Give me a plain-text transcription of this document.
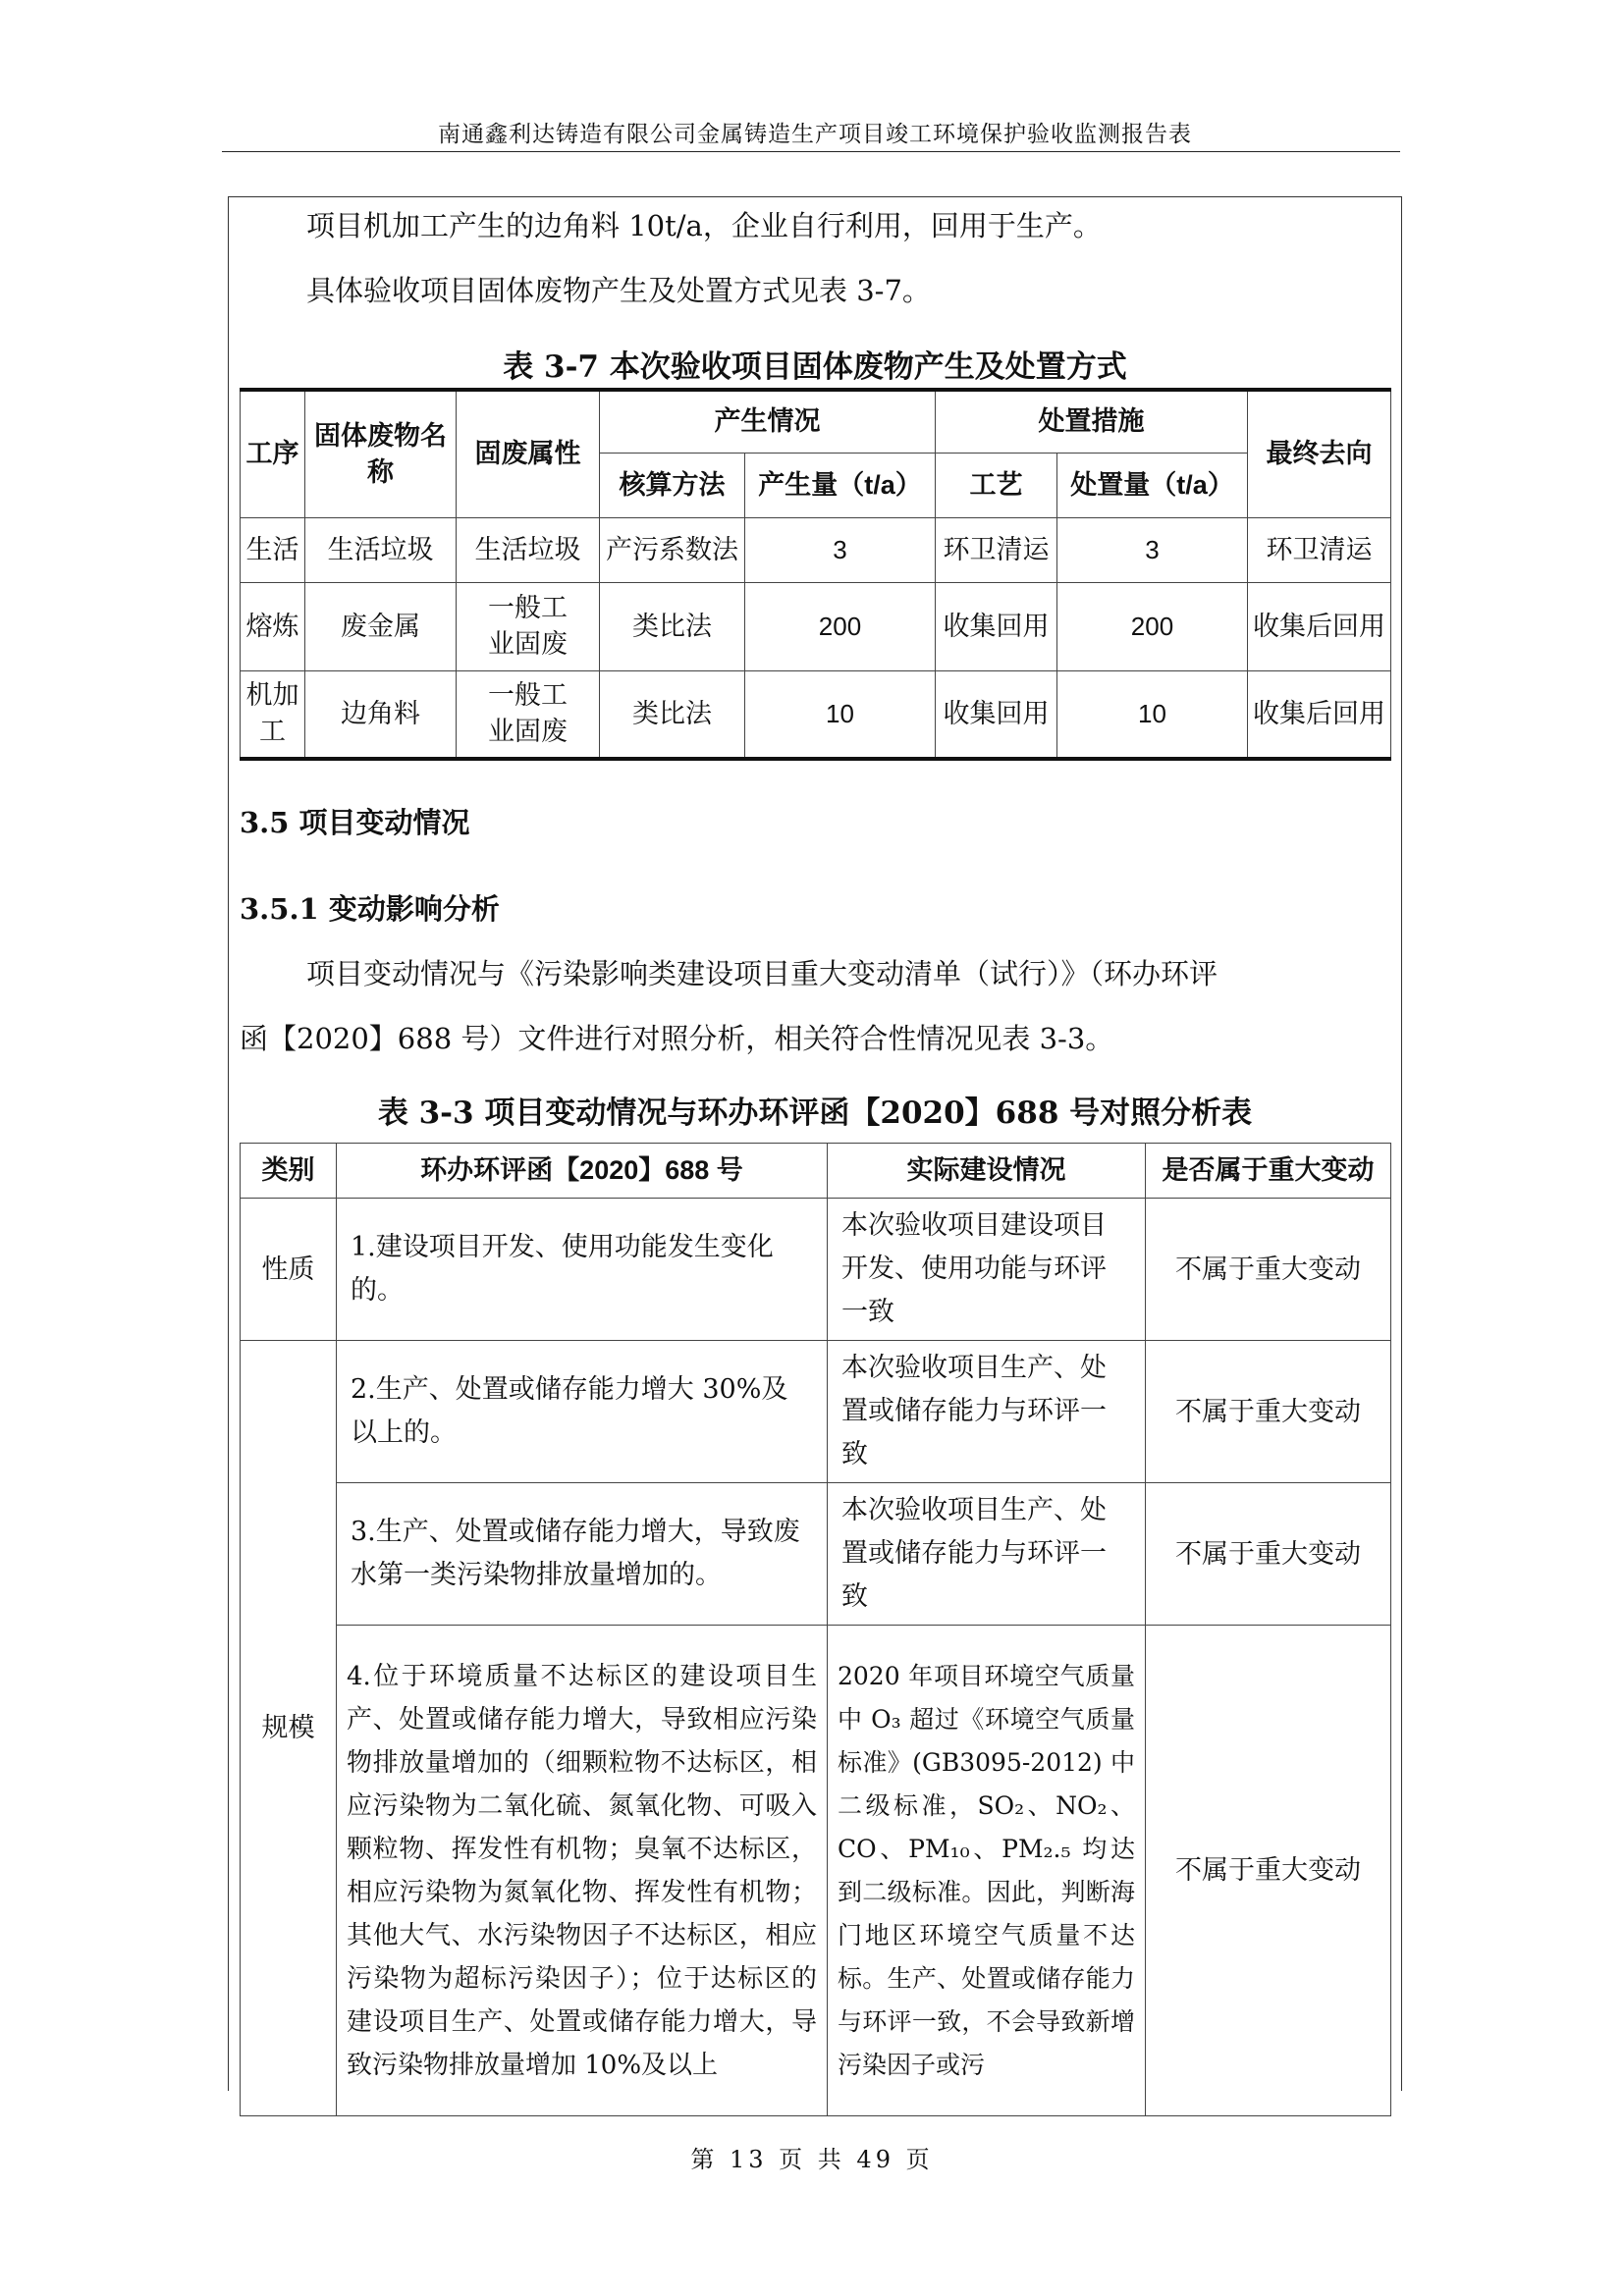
南通鑫利达铸造有限公司金属铸造生产项目竣工环境保护验收监测报告表
项目机加工产生的边角料 10t/a，企业自行利用，回用于生产。
具体验收项目固体废物产生及处置方式见表 3-7。
表 3-7 本次验收项目固体废物产生及处置方式
工序	固体废物名称	固废属性	产生情况		处置措施		最终去向
			核算方法	产生量（t/a）	工艺	处置量（t/a）	
生活	生活垃圾	生活垃圾	产污系数法	3	环卫清运	3	环卫清运
熔炼	废金属	一般工业固废	类比法	200	收集回用	200	收集后回用
机加工	边角料	一般工业固废	类比法	10	收集回用	10	收集后回用
3.5 项目变动情况
3.5.1 变动影响分析
项目变动情况与《污染影响类建设项目重大变动清单（试行）》（环办环评
函【2020】688 号）文件进行对照分析，相关符合性情况见表 3-3。
表 3-3 项目变动情况与环办环评函【2020】688 号对照分析表
类别	环办环评函【2020】688 号	实际建设情况	是否属于重大变动
性质	1.建设项目开发、使用功能发生变化的。	本次验收项目建设项目开发、使用功能与环评一致	不属于重大变动
规模	2.生产、处置或储存能力增大 30%及以上的。	本次验收项目生产、处置或储存能力与环评一致	不属于重大变动
	3.生产、处置或储存能力增大，导致废水第一类污染物排放量增加的。	本次验收项目生产、处置或储存能力与环评一致	不属于重大变动
	4.位于环境质量不达标区的建设项目生产、处置或储存能力增大，导致相应污染物排放量增加的（细颗粒物不达标区，相应污染物为二氧化硫、氮氧化物、可吸入颗粒物、挥发性有机物；臭氧不达标区，相应污染物为氮氧化物、挥发性有机物；其他大气、水污染物因子不达标区，相应污染物为超标污染因子）；位于达标区的建设项目生产、处置或储存能力增大，导致污染物排放量增加 10%及以上	2020 年项目环境空气质量中 O₃ 超过《环境空气质量标准》(GB3095-2012) 中二级标准，SO₂、NO₂、CO、PM₁₀、PM₂.₅ 均达到二级标准。因此，判断海门地区环境空气质量不达标。生产、处置或储存能力与环评一致，不会导致新增污染因子或污	不属于重大变动
第 13 页 共 49 页
